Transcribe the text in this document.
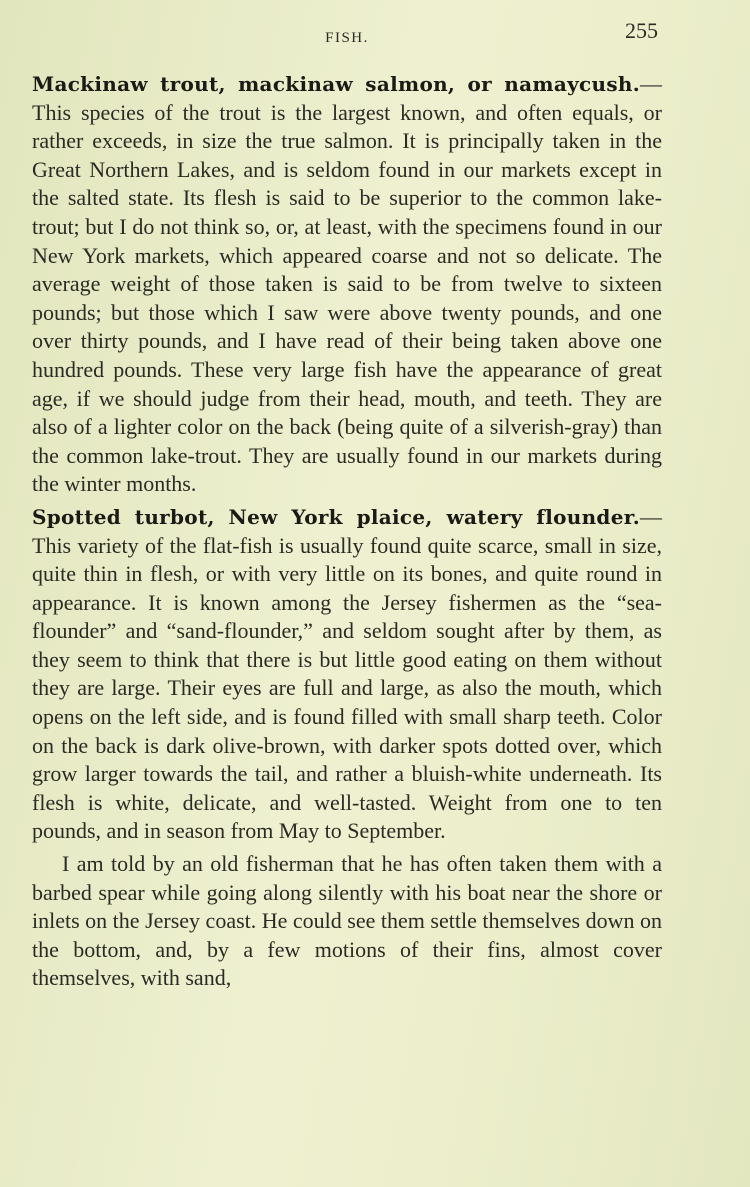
FISH.	255

Mackinaw trout, mackinaw salmon, or namaycush.—This species of the trout is the largest known, and often equals, or rather exceeds, in size the true salmon. It is principally taken in the Great Northern Lakes, and is seldom found in our markets except in the salted state. Its flesh is said to be superior to the common lake-trout; but I do not think so, or, at least, with the specimens found in our New York markets, which appeared coarse and not so delicate. The average weight of those taken is said to be from twelve to sixteen pounds; but those which I saw were above twenty pounds, and one over thirty pounds, and I have read of their being taken above one hundred pounds. These very large fish have the appearance of great age, if we should judge from their head, mouth, and teeth. They are also of a lighter color on the back (being quite of a silverish-gray) than the common lake-trout. They are usually found in our markets during the winter months.

Spotted turbot, New York plaice, watery flounder.—This variety of the flat-fish is usually found quite scarce, small in size, quite thin in flesh, or with very little on its bones, and quite round in appearance. It is known among the Jersey fishermen as the “sea-flounder” and “sand-flounder,” and seldom sought after by them, as they seem to think that there is but little good eating on them without they are large. Their eyes are full and large, as also the mouth, which opens on the left side, and is found filled with small sharp teeth. Color on the back is dark olive-brown, with darker spots dotted over, which grow larger towards the tail, and rather a bluish-white underneath. Its flesh is white, delicate, and well-tasted. Weight from one to ten pounds, and in season from May to September.

I am told by an old fisherman that he has often taken them with a barbed spear while going along silently with his boat near the shore or inlets on the Jersey coast. He could see them settle themselves down on the bottom, and, by a few motions of their fins, almost cover themselves, with sand,
